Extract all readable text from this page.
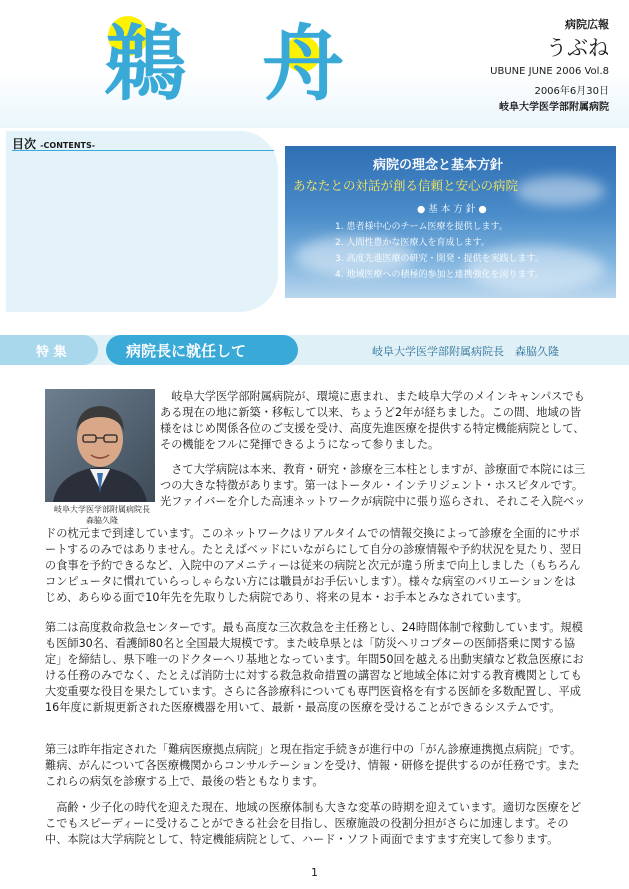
鵜 舟	病院広報
うぶね
UBUNE JUNE 2006 Vol.8
2006年6月30日
岐阜大学医学部附属病院
目次 -CONTENTS-
病院の理念と基本方針
あなたとの対話が創る信頼と安心の病院
● 基 本 方 針 ●
1. 患者様中心のチーム医療を提供します。
2. 人間性豊かな医療人を育成します。
3. 高度先進医療の研究・開発・提供を実践します。
4. 地域医療への積極的参加と連携強化を図ります。
特 集	病院長に就任して	岐阜大学医学部附属病院長　森脇久隆
岐阜大学医学部附属病院長
森脇久隆

　岐阜大学医学部附属病院が、環境に恵まれ、また岐阜大学のメインキャンパスでもある現在の地に新築・移転して以来、ちょうど2年が経ちました。この間、地域の皆様をはじめ関係各位のご支援を受け、高度先進医療を提供する特定機能病院として、その機能をフルに発揮できるようになって参りました。

　さて大学病院は本来、教育・研究・診療を三本柱としますが、診療面で本院には三つの大きな特徴があります。第一はトータル・インテリジェント・ホスピタルです。光ファイバーを介した高速ネットワークが病院中に張り巡らされ、それこそ入院ベッ

ドの枕元まで到達しています。このネットワークはリアルタイムでの情報交換によって診療を全面的にサポートするのみではありません。たとえばベッドにいながらにして自分の診療情報や予約状況を見たり、翌日の食事を予約できるなど、入院中のアメニティーは従来の病院と次元が違う所まで向上しました（もちろんコンピュータに慣れていらっしゃらない方には職員がお手伝いします）。様々な病室のバリエーションをはじめ、あらゆる面で10年先を先取りした病院であり、将来の見本・お手本とみなされています。

第二は高度救命救急センターです。最も高度な三次救急を主任務とし、24時間体制で稼動しています。規模も医師30名、看護師80名と全国最大規模です。また岐阜県とは「防災ヘリコプターの医師搭乗に関する協定」を締結し、県下唯一のドクターヘリ基地となっています。年間50回を越える出動実績など救急医療における任務のみでなく、たとえば消防士に対する救急救命措置の講習など地域全体に対する教育機関としても大変重要な役目を果たしています。さらに各診療科についても専門医資格を有する医師を多数配置し、平成16年度に新規更新された医療機器を用いて、最新・最高度の医療を受けることができるシステムです。

第三は昨年指定された「難病医療拠点病院」と現在指定手続きが進行中の「がん診療連携拠点病院」です。難病、がんについて各医療機関からコンサルテーションを受け、情報・研修を提供するのが任務です。またこれらの病気を診療する上で、最後の砦ともなります。

　高齢・少子化の時代を迎えた現在、地域の医療体制も大きな変革の時期を迎えています。適切な医療をどこでもスピーディーに受けることができる社会を目指し、医療施設の役割分担がさらに加速します。その中、本院は大学病院として、特定機能病院として、ハード・ソフト両面でますます充実して参ります。

1
